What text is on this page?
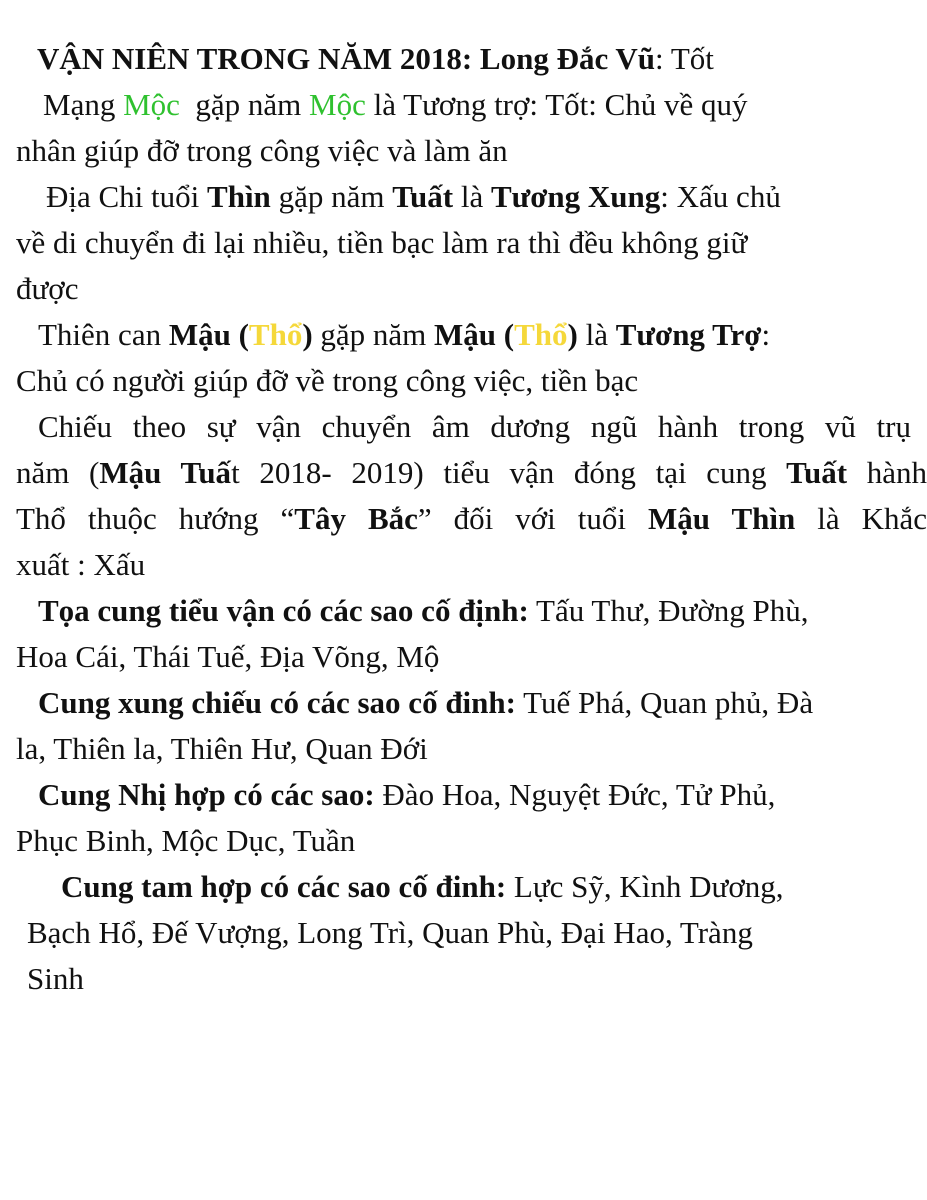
VẬN NIÊN TRONG NĂM 2018: Long Đắc Vũ: Tốt
Mạng Mộc  gặp năm Mộc là Tương trợ: Tốt: Chủ về quý
nhân giúp đỡ trong công việc và làm ăn
Địa Chi tuổi Thìn gặp năm Tuất là Tương Xung: Xấu chủ
về di chuyển đi lại nhiều, tiền bạc làm ra thì đều không giữ
được
Thiên can Mậu (Thổ) gặp năm Mậu (Thổ) là Tương Trợ:
Chủ có người giúp đỡ về trong công việc, tiền bạc
Chiếu theo sự vận chuyển âm dương ngũ hành trong vũ trụ
năm (Mậu Tuất 2018- 2019) tiểu vận đóng tại cung Tuất hành
Thổ thuộc hướng “Tây Bắc” đối với tuổi Mậu Thìn là Khắc
xuất : Xấu
Tọa cung tiểu vận có các sao cố định: Tấu Thư, Đường Phù,
Hoa Cái, Thái Tuế, Địa Võng, Mộ
Cung xung chiếu có các sao cố đinh: Tuế Phá, Quan phủ, Đà
la, Thiên la, Thiên Hư, Quan Đới
Cung Nhị hợp có các sao: Đào Hoa, Nguyệt Đức, Tử Phủ,
Phục Binh, Mộc Dục, Tuần
Cung tam hợp có các sao cố đinh: Lực Sỹ, Kình Dương,
Bạch Hổ, Đế Vượng, Long Trì, Quan Phù, Đại Hao, Tràng
Sinh
